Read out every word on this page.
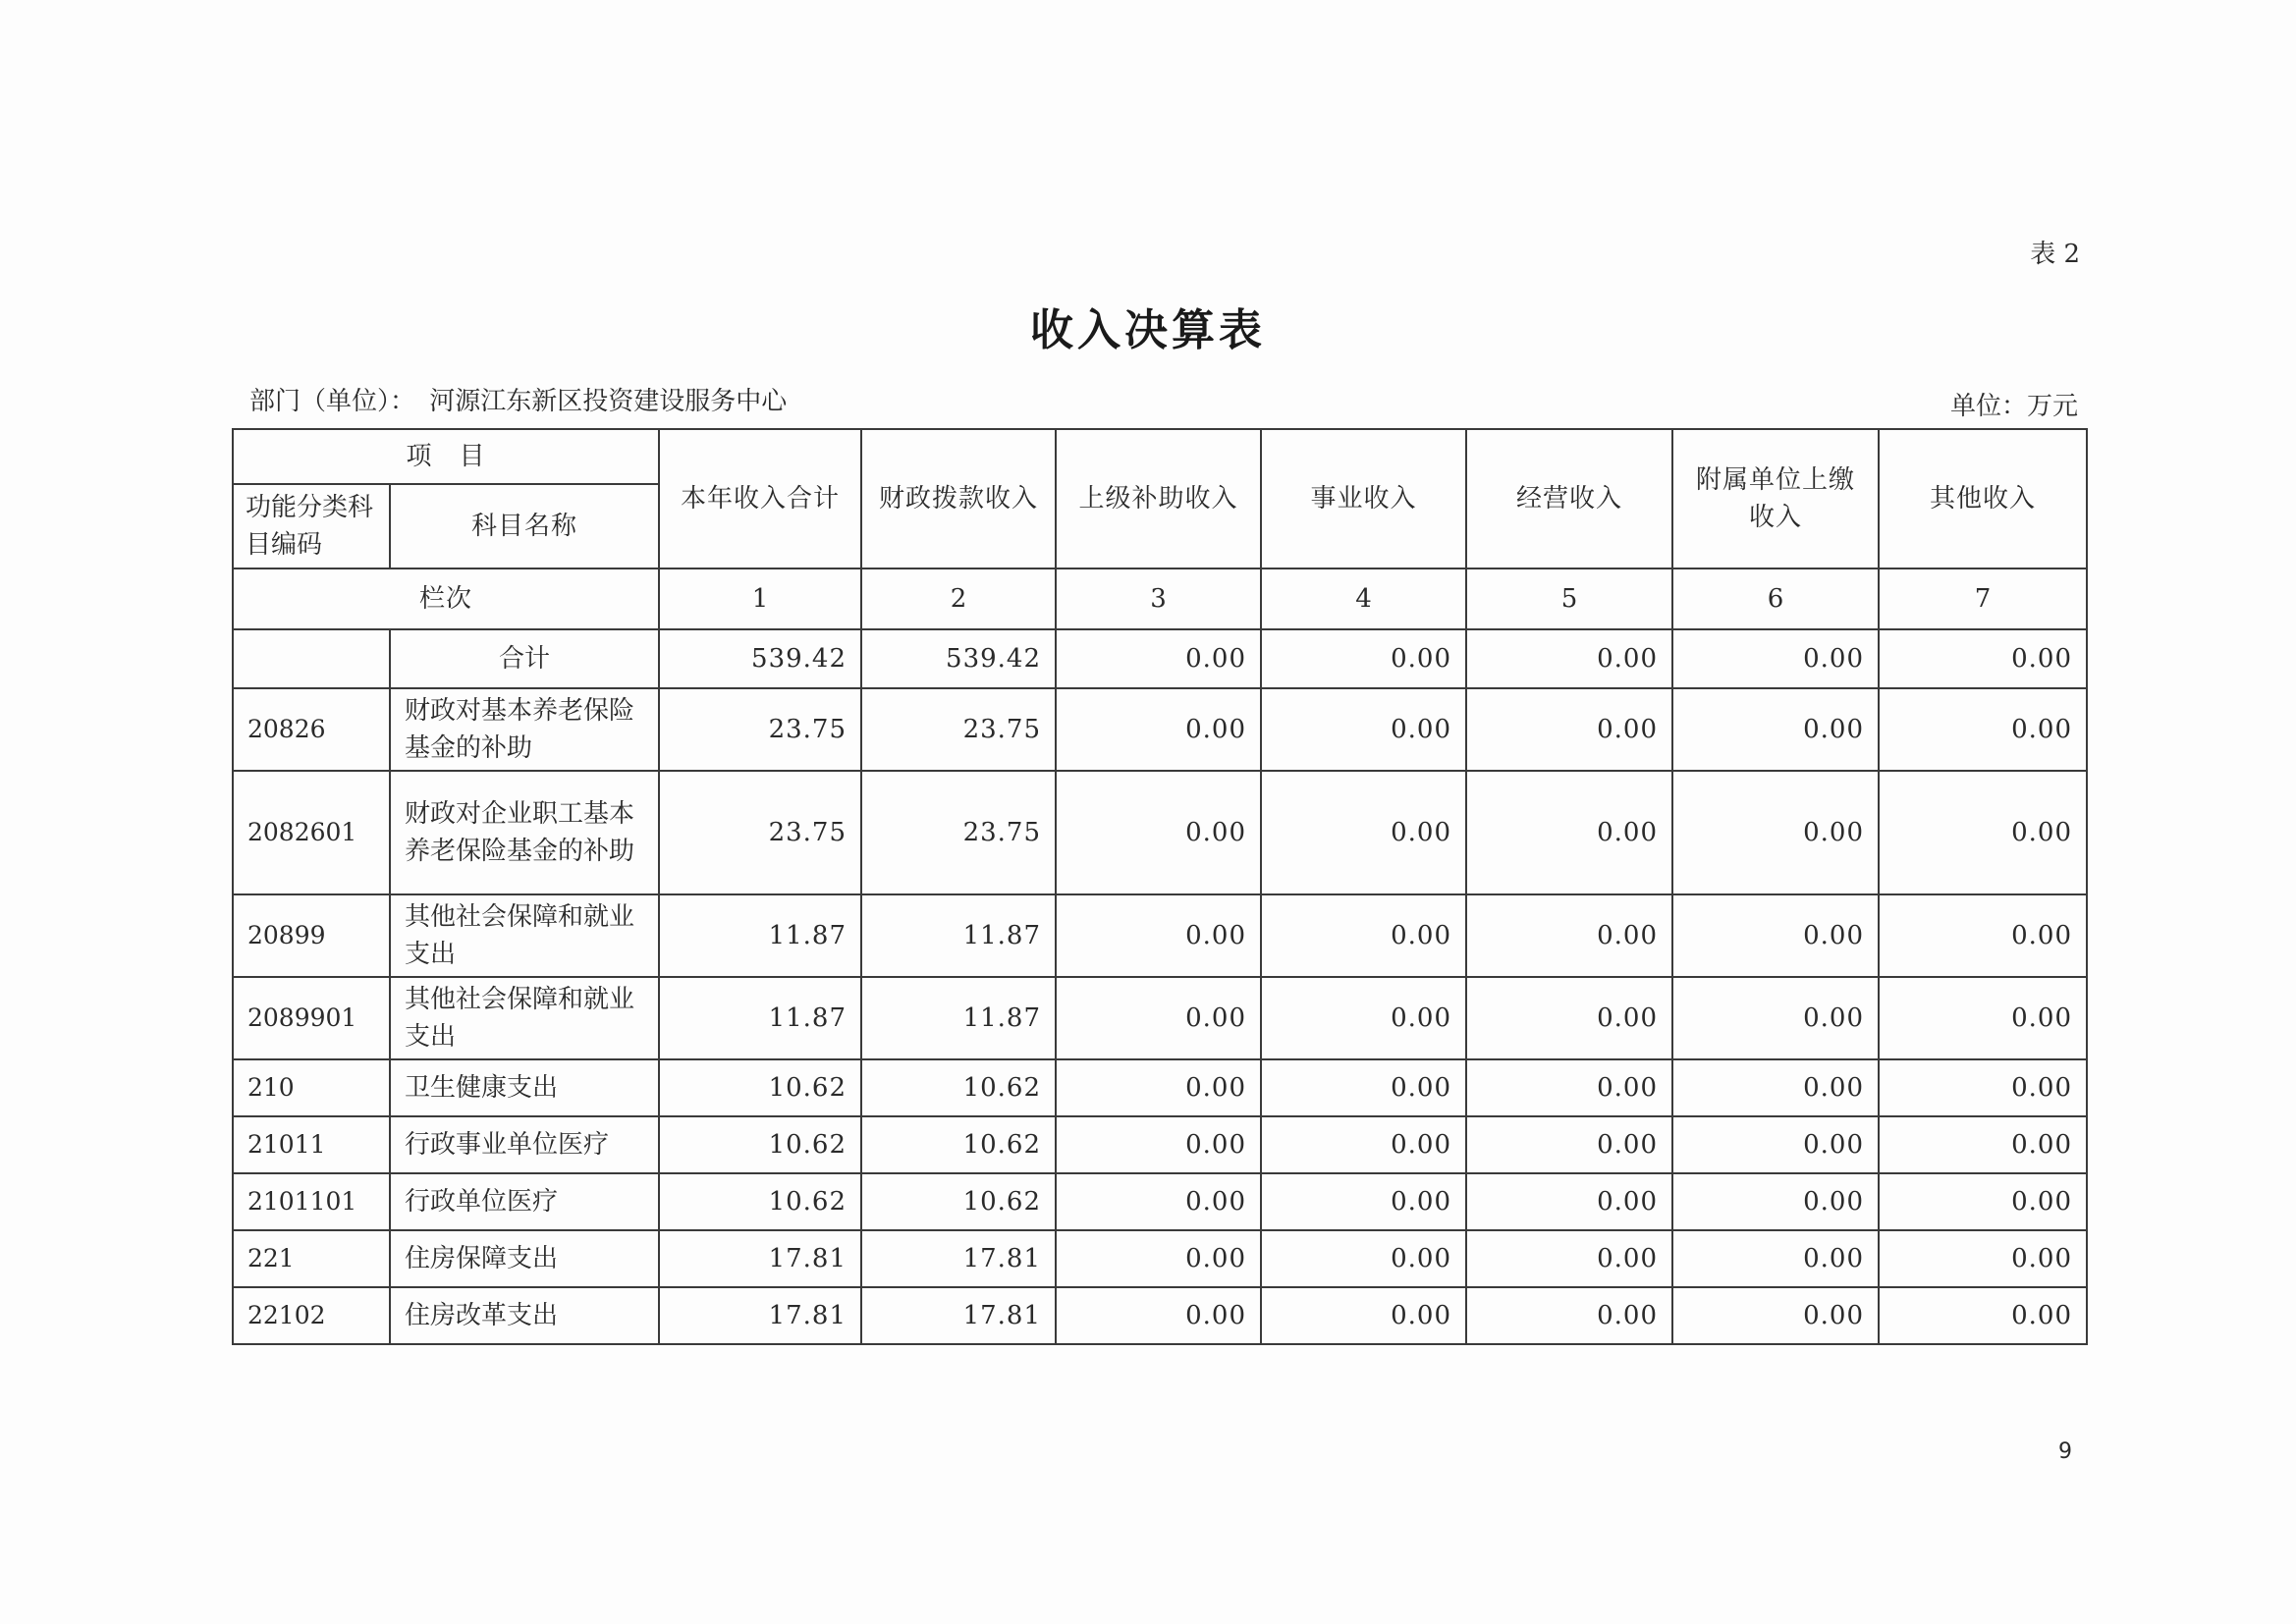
表 2
收入决算表
部门（单位）： 河源江东新区投资建设服务中心	单位：万元
项　目		本年收入合计	财政拨款收入	上级补助收入	事业收入	经营收入	附属单位上缴收入	其他收入
功能分类科目编码	科目名称							
栏次		1	2	3	4	5	6	7
	合计	539.42	539.42	0.00	0.00	0.00	0.00	0.00
20826	财政对基本养老保险基金的补助	23.75	23.75	0.00	0.00	0.00	0.00	0.00
2082601	财政对企业职工基本养老保险基金的补助	23.75	23.75	0.00	0.00	0.00	0.00	0.00
20899	其他社会保障和就业支出	11.87	11.87	0.00	0.00	0.00	0.00	0.00
2089901	其他社会保障和就业支出	11.87	11.87	0.00	0.00	0.00	0.00	0.00
210	卫生健康支出	10.62	10.62	0.00	0.00	0.00	0.00	0.00
21011	行政事业单位医疗	10.62	10.62	0.00	0.00	0.00	0.00	0.00
2101101	行政单位医疗	10.62	10.62	0.00	0.00	0.00	0.00	0.00
221	住房保障支出	17.81	17.81	0.00	0.00	0.00	0.00	0.00
22102	住房改革支出	17.81	17.81	0.00	0.00	0.00	0.00	0.00
9
